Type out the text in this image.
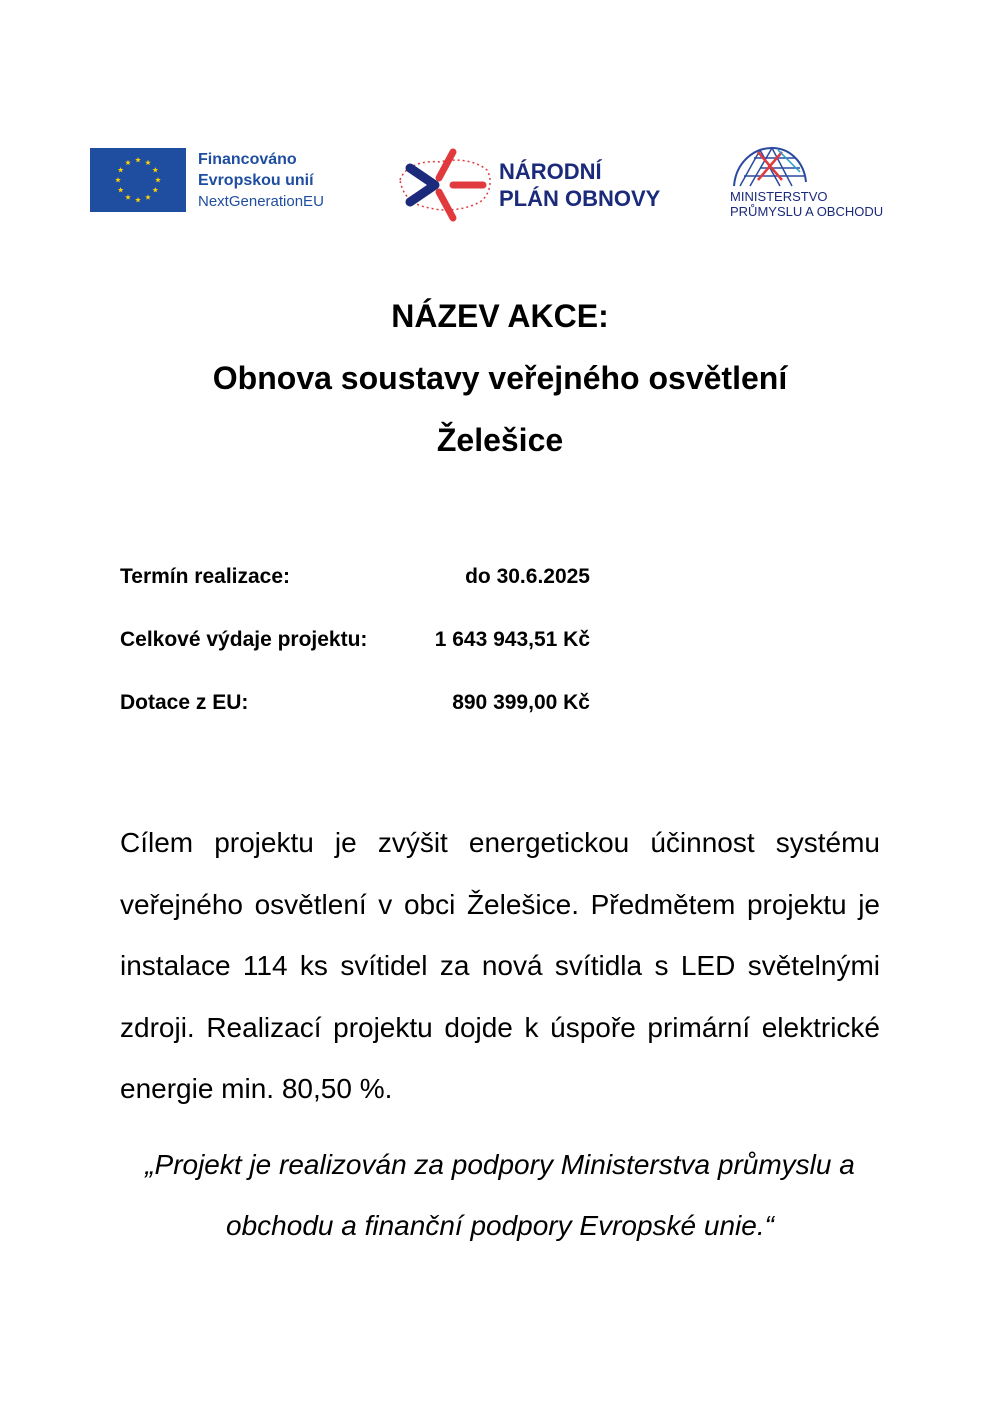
Financováno
Evropskou unií
NextGenerationEU
NÁRODNÍ
PLÁN OBNOVY	MINISTERSTVO
PRŮMYSLU A OBCHODU
NÁZEV AKCE:
Obnova soustavy veřejného osvětlení
Želešice
Termín realizace:	do 30.6.2025
Celkové výdaje projektu:	1 643 943,51 Kč
Dotace z EU:	890 399,00 Kč
Cílem projektu je zvýšit energetickou účinnost systému veřejného osvětlení v obci Želešice. Předmětem projektu je instalace 114 ks svítidel za nová svítidla s LED světelnými zdroji. Realizací projektu dojde k úspoře primární elektrické energie min. 80,50 %.
„Projekt je realizován za podpory Ministerstva průmyslu a obchodu a finanční podpory Evropské unie.“
